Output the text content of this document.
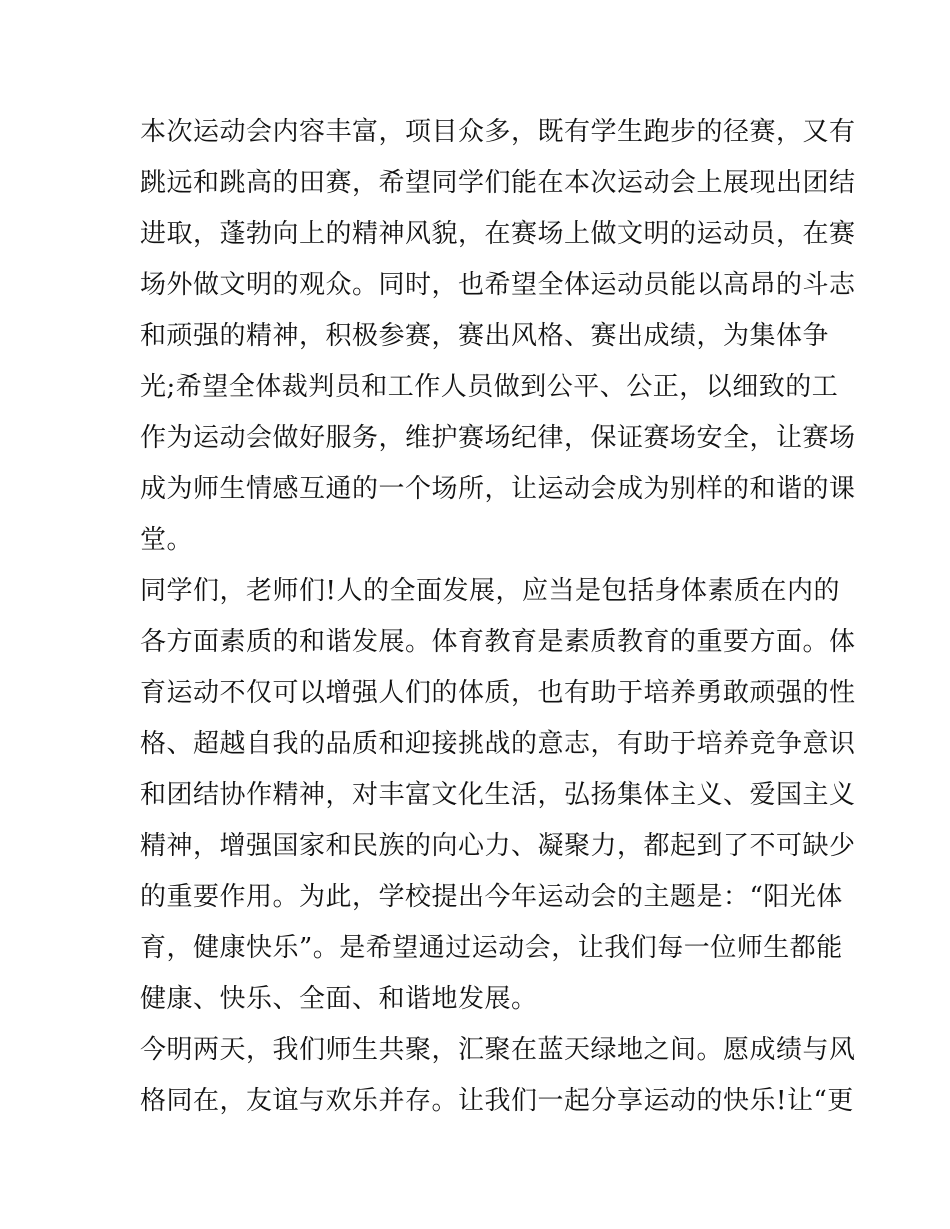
本次运动会内容丰富，项目众多，既有学生跑步的径赛，又有
跳远和跳高的田赛，希望同学们能在本次运动会上展现出团结
进取，蓬勃向上的精神风貌，在赛场上做文明的运动员，在赛
场外做文明的观众。同时，也希望全体运动员能以高昂的斗志
和顽强的精神，积极参赛，赛出风格、赛出成绩，为集体争
光;希望全体裁判员和工作人员做到公平、公正，以细致的工
作为运动会做好服务，维护赛场纪律，保证赛场安全，让赛场
成为师生情感互通的一个场所，让运动会成为别样的和谐的课
堂。
同学们，老师们!人的全面发展，应当是包括身体素质在内的
各方面素质的和谐发展。体育教育是素质教育的重要方面。体
育运动不仅可以增强人们的体质，也有助于培养勇敢顽强的性
格、超越自我的品质和迎接挑战的意志，有助于培养竞争意识
和团结协作精神，对丰富文化生活，弘扬集体主义、爱国主义
精神，增强国家和民族的向心力、凝聚力，都起到了不可缺少
的重要作用。为此，学校提出今年运动会的主题是：“阳光体
育，健康快乐”。是希望通过运动会，让我们每一位师生都能
健康、快乐、全面、和谐地发展。
今明两天，我们师生共聚，汇聚在蓝天绿地之间。愿成绩与风
格同在，友谊与欢乐并存。让我们一起分享运动的快乐!让“更
